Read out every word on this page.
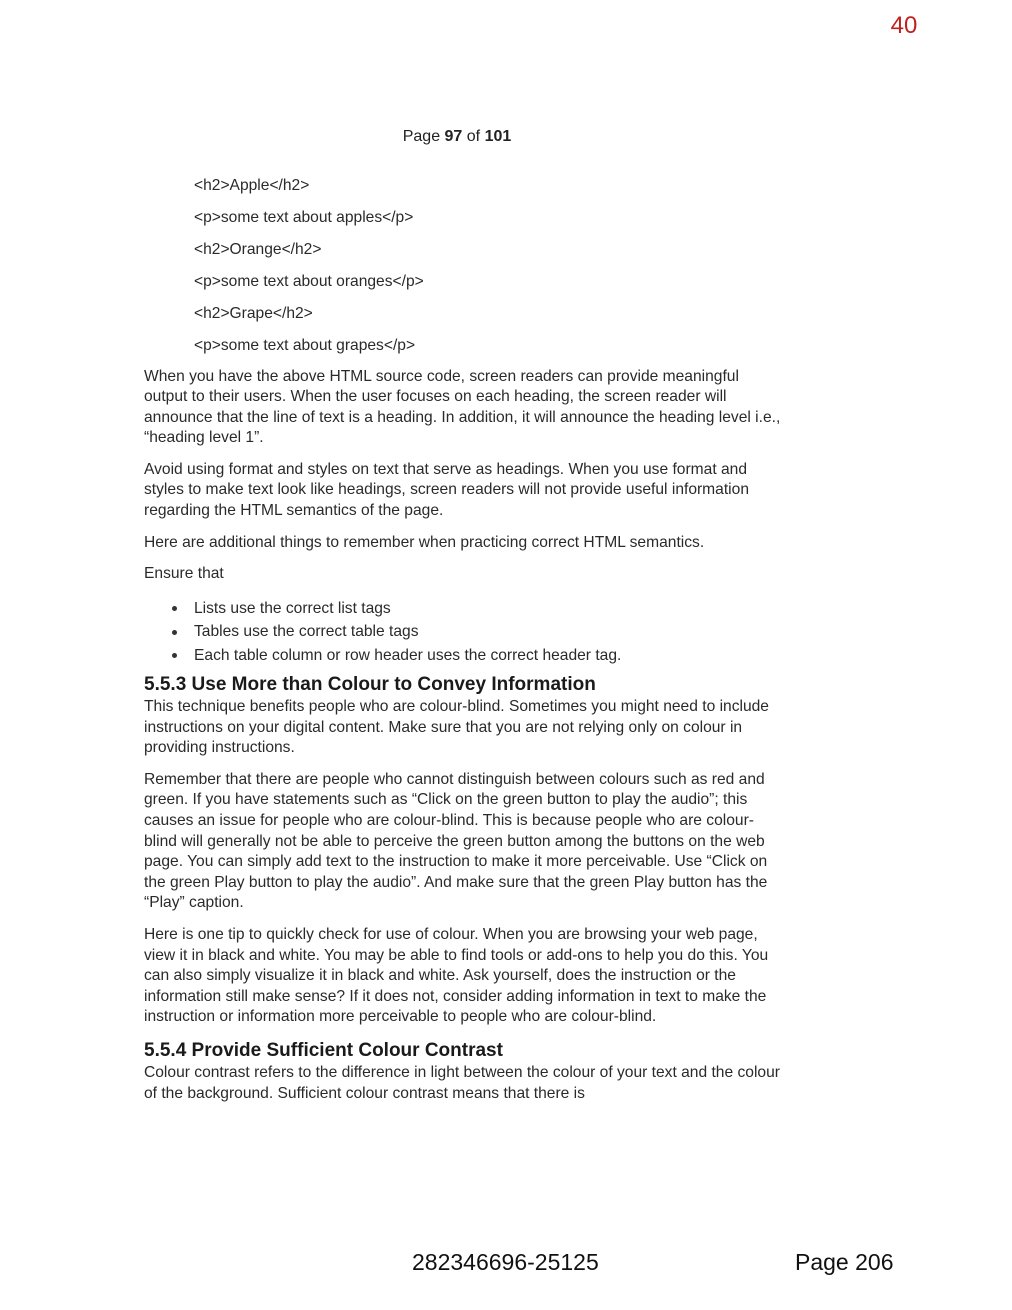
40
Page 97 of 101
<h2>Apple</h2>
<p>some text about apples</p>
<h2>Orange</h2>
<p>some text about oranges</p>
<h2>Grape</h2>
<p>some text about grapes</p>

When you have the above HTML source code, screen readers can provide meaningful output to their users. When the user focuses on each heading, the screen reader will announce that the line of text is a heading. In addition, it will announce the heading level i.e., “heading level 1”.

Avoid using format and styles on text that serve as headings. When you use format and styles to make text look like headings, screen readers will not provide useful information regarding the HTML semantics of the page.

Here are additional things to remember when practicing correct HTML semantics.

Ensure that

Lists use the correct list tags
Tables use the correct table tags
Each table column or row header uses the correct header tag.
5.5.3 Use More than Colour to Convey Information

This technique benefits people who are colour-blind. Sometimes you might need to include instructions on your digital content. Make sure that you are not relying only on colour in providing instructions.

Remember that there are people who cannot distinguish between colours such as red and green. If you have statements such as “Click on the green button to play the audio”; this causes an issue for people who are colour-blind. This is because people who are colour-blind will generally not be able to perceive the green button among the buttons on the web page. You can simply add text to the instruction to make it more perceivable. Use “Click on the green Play button to play the audio”. And make sure that the green Play button has the “Play” caption.

Here is one tip to quickly check for use of colour. When you are browsing your web page, view it in black and white. You may be able to find tools or add-ons to help you do this. You can also simply visualize it in black and white. Ask yourself, does the instruction or the information still make sense? If it does not, consider adding information in text to make the instruction or information more perceivable to people who are colour-blind.

5.5.4 Provide Sufficient Colour Contrast

Colour contrast refers to the difference in light between the colour of your text and the colour of the background. Sufficient colour contrast means that there is

282346696-25125	Page 206
